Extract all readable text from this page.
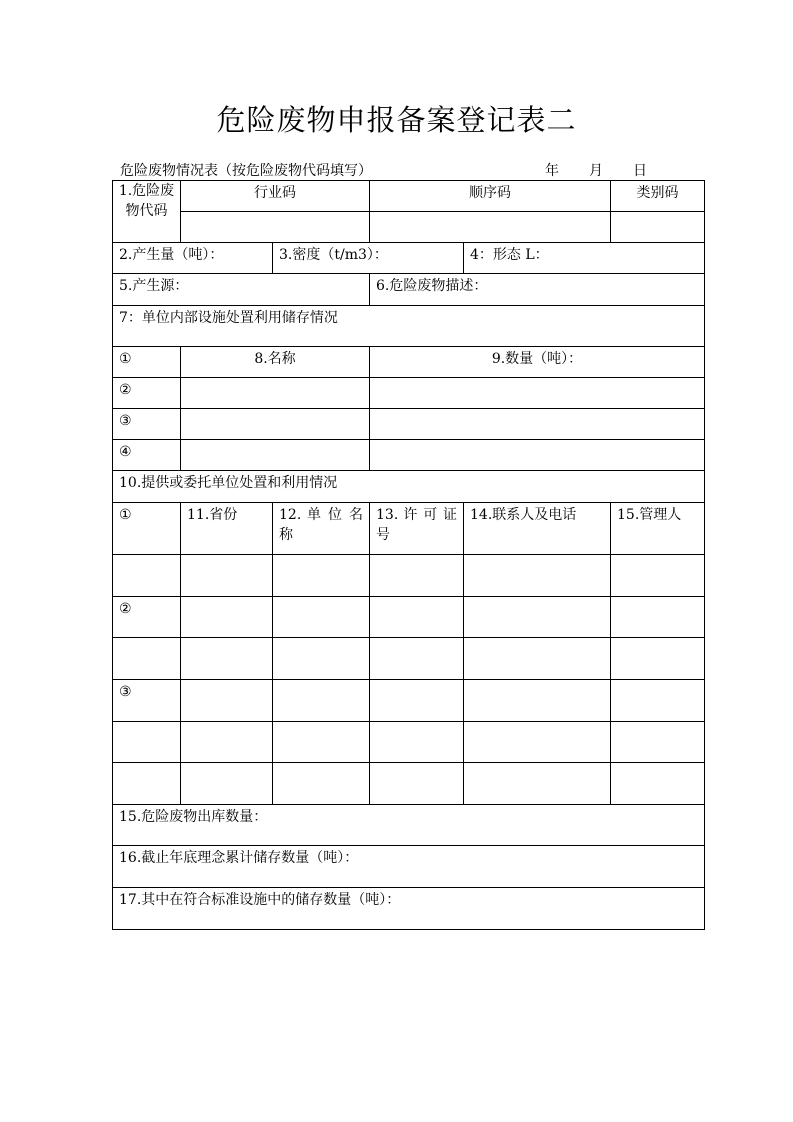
危险废物申报备案登记表二
危险废物情况表（按危险废物代码填写）	年 月 日
1.危险废物代码	行业码		顺序码		类别码

2.产生量（吨）：		3.密度（t/m3）：		4：形态 L：	
5.产生源：			6.危险废物描述：		
7：单位内部设施处置利用储存情况					
①	8.名称		9.数量（吨）：		
②					
③					
④					
10.提供或委托单位处置和利用情况					
①	11.省份	12. 单 位 名称	13. 许 可 证号	14.联系人及电话	15.管理人

②					

③					

15.危险废物出库数量：					
16.截止年底理念累计储存数量（吨）：					
17.其中在符合标准设施中的储存数量（吨）：					
